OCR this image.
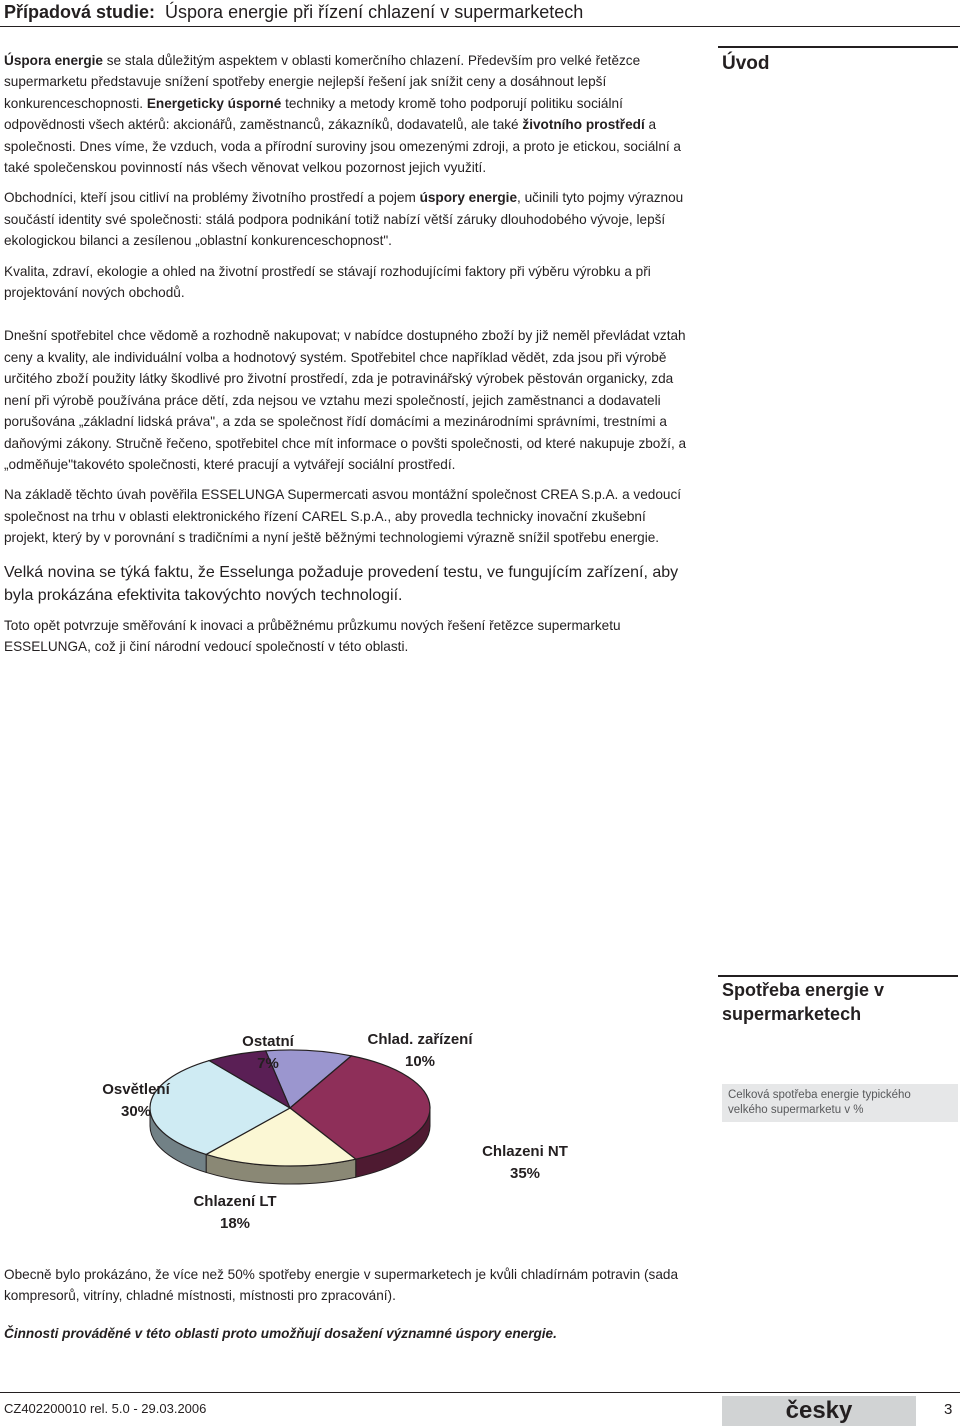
Případová studie: Úspora energie při řízení chlazení v supermarketech
Úvod

Úspora energie se stala důležitým aspektem v oblasti komerčního chlazení. Především pro velké řetězce supermarketu představuje snížení spotřeby energie nejlepší řešení jak snížit ceny a dosáhnout lepší konkurenceschopnosti. Energeticky úsporné techniky a metody kromě toho podporují politiku sociální odpovědnosti všech aktérů: akcionářů, zaměstnanců, zákazníků, dodavatelů, ale také životního prostředí a společnosti. Dnes víme, že vzduch, voda a přírodní suroviny jsou omezenými zdroji, a proto je etickou, sociální a také společenskou povinností nás všech věnovat velkou pozornost jejich využití.

Obchodníci, kteří jsou citliví na problémy životního prostředí a pojem úspory energie, učinili tyto pojmy výraznou součástí identity své společnosti: stálá podpora podnikání totiž nabízí větší záruky dlouhodobého vývoje, lepší ekologickou bilanci a zesílenou „oblastní konkurenceschopnost".

Kvalita, zdraví, ekologie a ohled na životní prostředí se stávají rozhodujícími faktory při výběru výrobku a při projektování nových obchodů.

Dnešní spotřebitel chce vědomě a rozhodně nakupovat; v nabídce dostupného zboží by již neměl převládat vztah ceny a kvality, ale individuální volba a hodnotový systém. Spotřebitel chce například vědět, zda jsou při výrobě určitého zboží použity látky škodlivé pro životní prostředí, zda je potravinářský výrobek pěstován organicky, zda není při výrobě používána práce dětí, zda nejsou ve vztahu mezi společností, jejich zaměstnanci a dodavateli porušována „základní lidská práva", a zda se společnost řídí domácími a mezinárodními správními, trestními a daňovými zákony. Stručně řečeno, spotřebitel chce mít informace o povšti společnosti, od které nakupuje zboží, a „odměňuje"takovéto společnosti, které pracují a vytvářejí sociální prostředí.

Na základě těchto úvah pověřila ESSELUNGA Supermercati asvou montážní společnost CREA S.p.A. a vedoucí společnost na trhu v oblasti elektronického řízení CAREL S.p.A., aby provedla technicky inovační zkušební projekt, který by v porovnání s tradičními a nyní ještě běžnými technologiemi výrazně snížil spotřebu energie.

Velká novina se týká faktu, že Esselunga požaduje provedení testu, ve fungujícím zařízení, aby byla prokázána efektivita takovýchto nových technologií.

Toto opět potvrzuje směřování k inovaci a průběžnému průzkumu nových řešení řetězce supermarketu ESSELUNGA, což ji činí národní vedoucí společností v této oblasti.

Spotřeba energie v supermarketech
Celková spotřeba energie typického velkého supermarketu v %
Chlad. zařízení
10%
Chlazeni NT
35%
Chlazení LT
18%
Osvětlení
30%
Ostatní
7%
Obecně bylo prokázáno, že více než 50% spotřeby energie v supermarketech je kvůli chladírnám potravin (sada kompresorů, vitríny, chladné místnosti, místnosti pro zpracování).
Činnosti prováděné v této oblasti proto umožňují dosažení významné úspory energie.
CZ402200010 rel. 5.0 - 29.03.2006	česky	3
